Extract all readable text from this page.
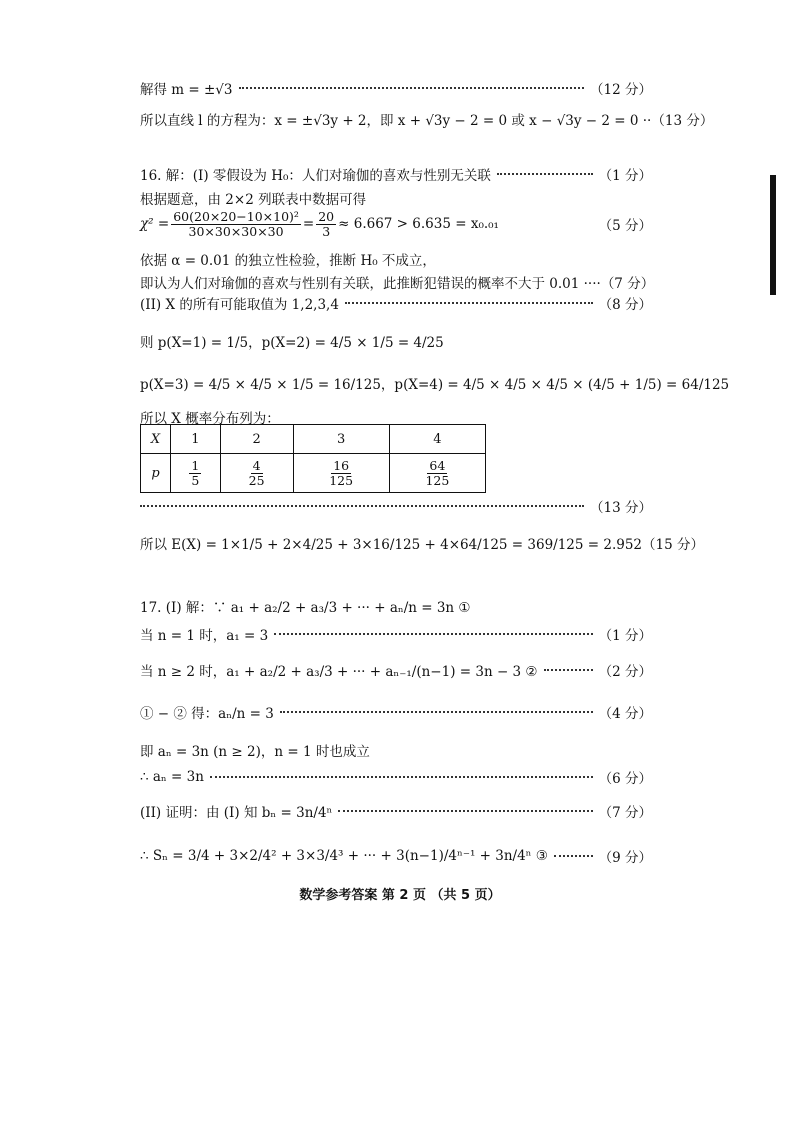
解得 m = ±√3	（12 分）
所以直线 l 的方程为：x = ±√3y + 2，即 x + √3y − 2 = 0 或 x − √3y − 2 = 0 ·· （13 分）
16. 解：(I) 零假设为 H₀：人们对瑜伽的喜欢与性别无关联	（1 分）
根据题意，由 2×2 列联表中数据可得
$\chi^2 = \frac{\text{60(20×20−10×10)²}}{30\times 30\times 30\times 30} = \frac{20}{3} \approx 6.667 > 6.635 = x_0._{01}$	（5 分）
依据 α = 0.01 的独立性检验，推断 H₀ 不成立，
即认为人们对瑜伽的喜欢与性别有关联，此推断犯错误的概率不大于 0.01 ···· （7 分）
(II) X 的所有可能取值为 1,2,3,4	（8 分）
则 p(X=1) = 1/5，p(X=2) = 4/5 × 1/5 = 4/25
p(X=3) = 4/5 × 4/5 × 1/5 = 16/125，p(X=4) = 4/5 × 4/5 × 4/5 × (4/5 + 1/5) = 64/125
所以 X 概率分布列为：
X	1	2	3	4
p	$\frac{1}{5}$	$\frac{4}{25}$	$\frac{16}{125}$	$\frac{64}{125}$
（13 分）
所以 E(X) = 1×1/5 + 2×4/25 + 3×16/125 + 4×64/125 = 369/125 = 2.952 （15 分）
17. (I) 解：∵ a₁ + a₂/2 + a₃/3 + ··· + aₙ/n = 3n ①
当 n = 1 时，a₁ = 3	（1 分）
当 n ≥ 2 时，a₁ + a₂/2 + a₃/3 + ··· + aₙ₋₁/(n−1) = 3n − 3 ②	（2 分）
① − ② 得：aₙ/n = 3	（4 分）
即 aₙ = 3n (n ≥ 2)，n = 1 时也成立
∴ aₙ = 3n	（6 分）
(II) 证明：由 (I) 知 bₙ = 3n/4ⁿ	（7 分）
∴ Sₙ = 3/4 + 3×2/4² + 3×3/4³ + ··· + 3(n−1)/4ⁿ⁻¹ + 3n/4ⁿ ③	（9 分）
数学参考答案 第 2 页 （共 5 页）
